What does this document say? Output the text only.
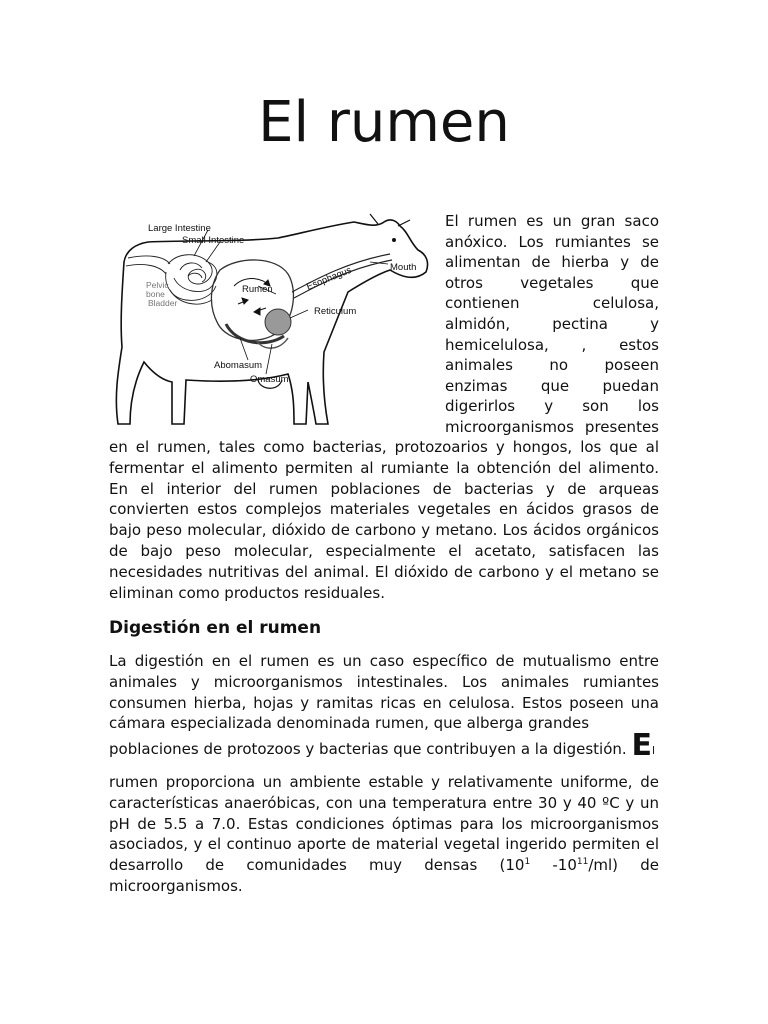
El rumen
Large Intestine
Small Intestine
Pelvic bone
Bladder
Rumen	Esophagus	Mouth
Reticulum
Abomasum
Omasum

El rumen es un gran saco
anóxico. Los rumiantes se
alimentan de hierba y de
otros vegetales que
contienen celulosa,
almidón, pectina y
hemicelulosa, , estos
animales no poseen
enzimas que puedan
digerirlos y son los
microorganismos presentes

en el rumen, tales como bacterias, protozoarios y hongos, los que al fermentar el alimento permiten al rumiante la obtención del alimento. En el interior del rumen poblaciones de bacterias y de arqueas convierten estos complejos materiales vegetales en ácidos grasos de bajo peso molecular, dióxido de carbono y metano. Los ácidos orgánicos de bajo peso molecular, especialmente el acetato, satisfacen las necesidades nutritivas del animal. El dióxido de carbono y el metano se eliminan como productos residuales.

Digestión en el rumen

La digestión en el rumen es un caso específico de mutualismo entre animales y microorganismos intestinales. Los animales rumiantes consumen hierba, hojas y ramitas ricas en celulosa. Estos poseen una cámara especializada denominada rumen, que alberga grandes

poblaciones de protozoos y bacterias que contribuyen a la digestión. El

rumen proporciona un ambiente estable y relativamente uniforme, de características anaeróbicas, con una temperatura entre 30 y 40 ºC y un pH de 5.5 a 7.0. Estas condiciones óptimas para los microorganismos asociados, y el continuo aporte de material vegetal ingerido permiten el desarrollo de comunidades muy densas ($10^1$ $-10^{11}/ml$) de microorganismos.
